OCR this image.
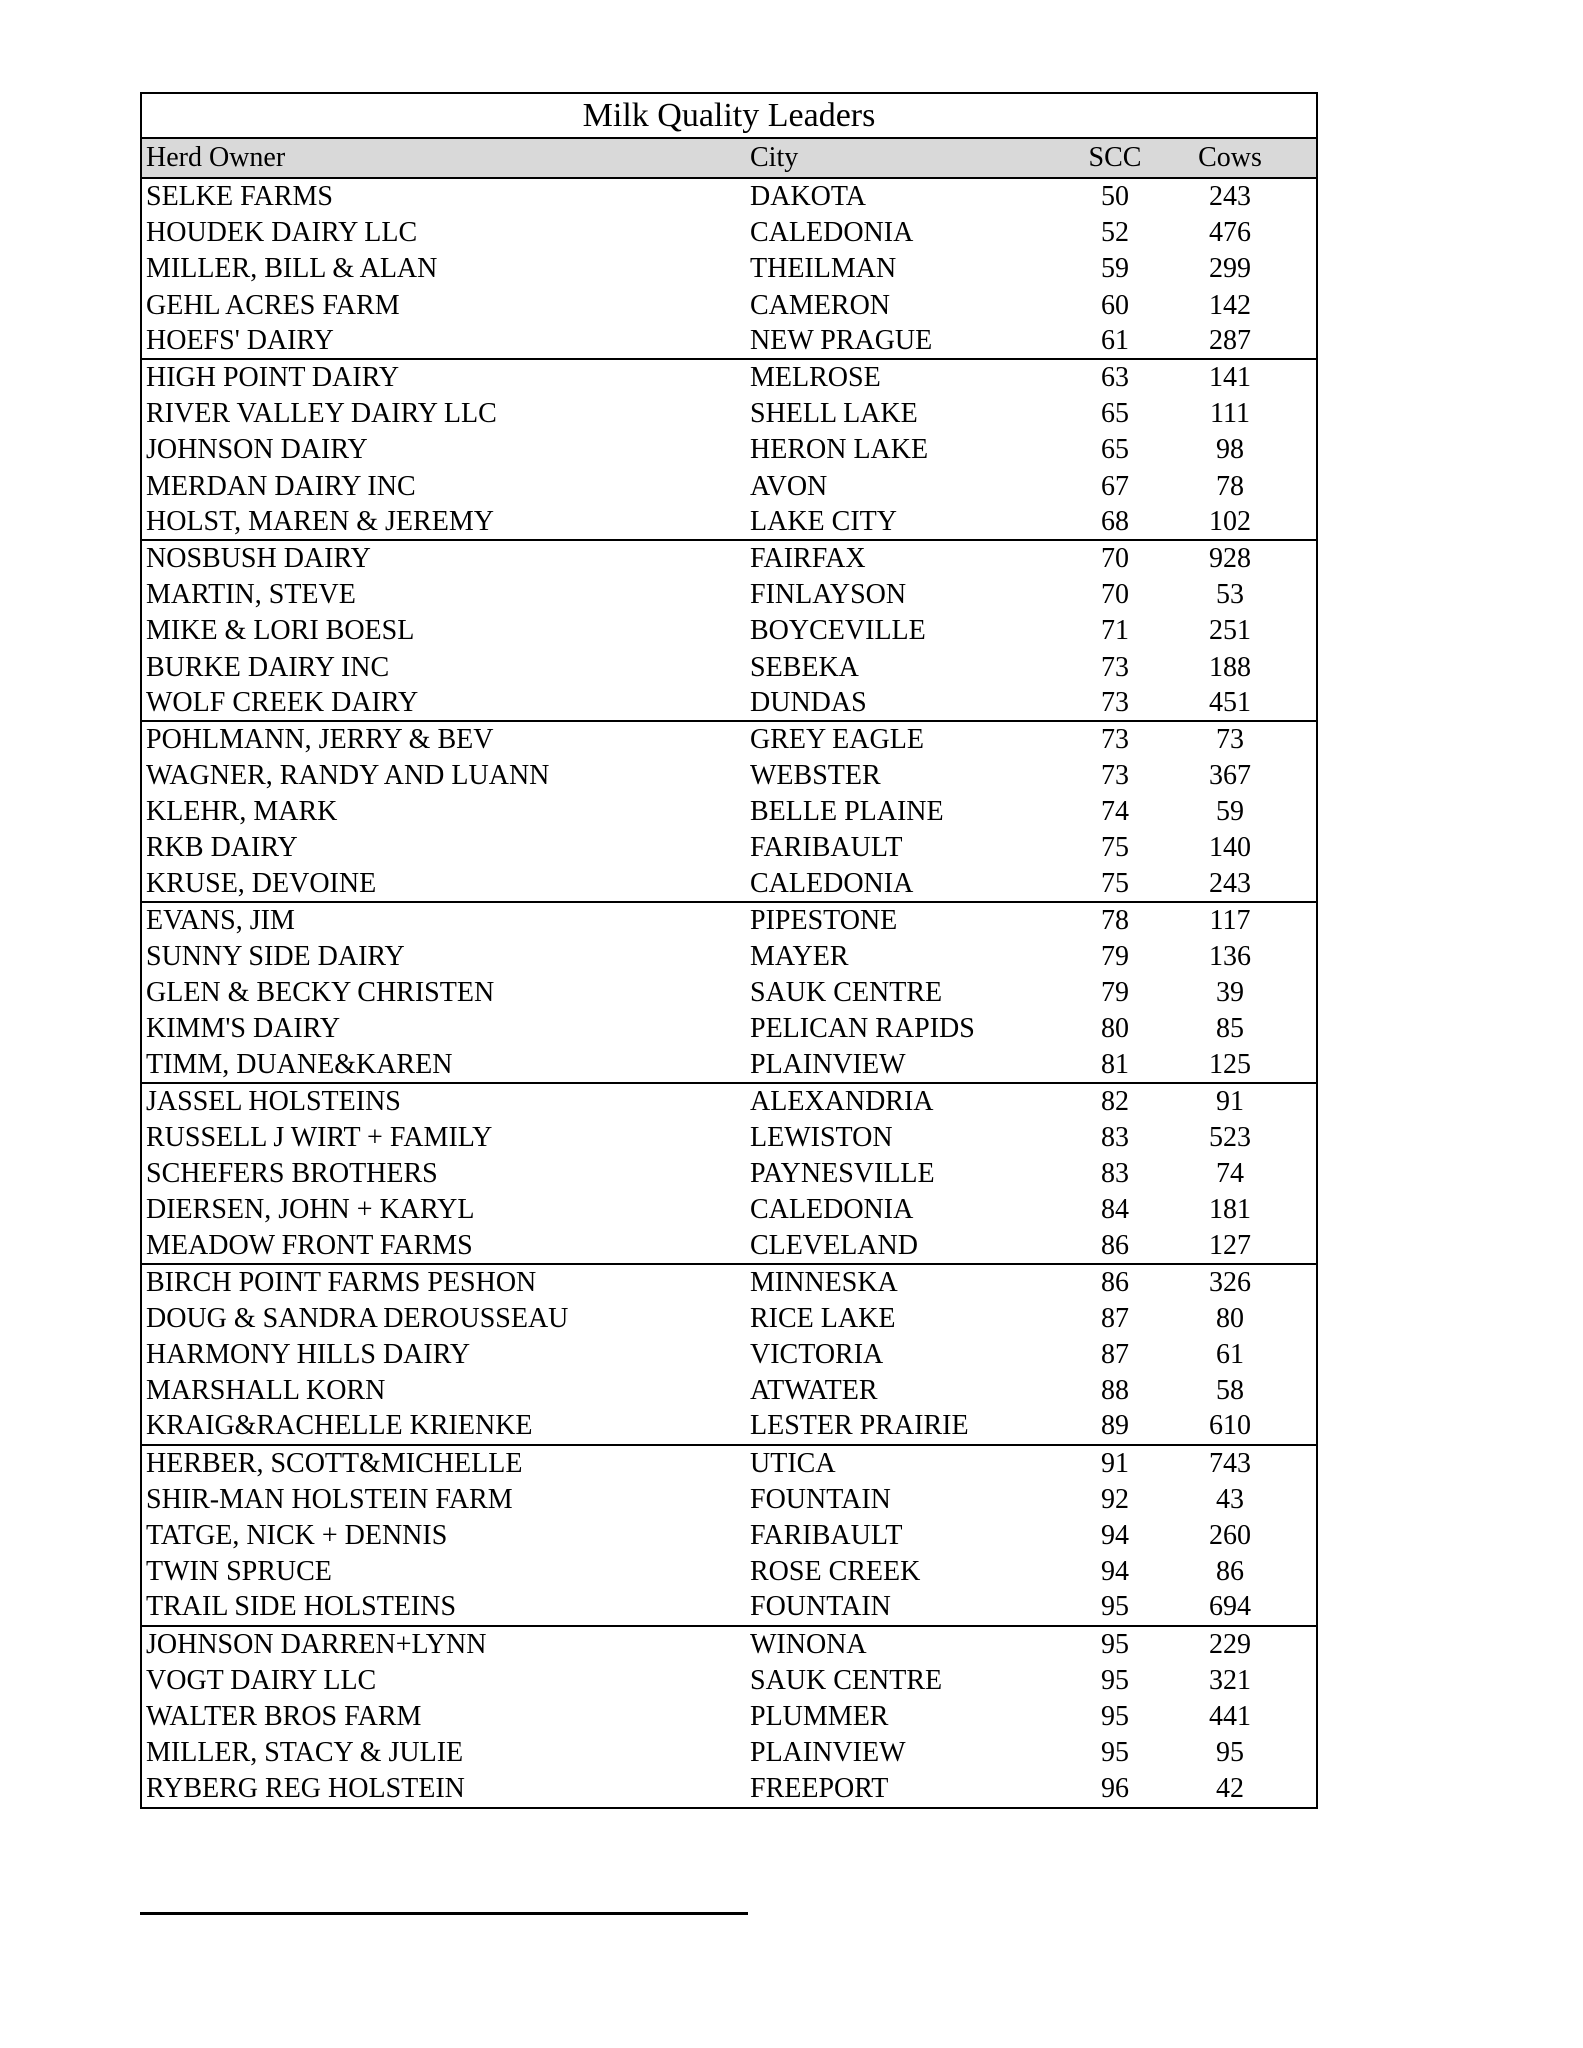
Milk Quality Leaders
Herd Owner	City	SCC	Cows
SELKE FARMS	DAKOTA	50	243
HOUDEK DAIRY LLC	CALEDONIA	52	476
MILLER, BILL & ALAN	THEILMAN	59	299
GEHL ACRES FARM	CAMERON	60	142
HOEFS' DAIRY	NEW PRAGUE	61	287
HIGH POINT DAIRY	MELROSE	63	141
RIVER VALLEY DAIRY LLC	SHELL LAKE	65	111
JOHNSON DAIRY	HERON LAKE	65	98
MERDAN DAIRY INC	AVON	67	78
HOLST, MAREN & JEREMY	LAKE CITY	68	102
NOSBUSH DAIRY	FAIRFAX	70	928
MARTIN, STEVE	FINLAYSON	70	53
MIKE & LORI BOESL	BOYCEVILLE	71	251
BURKE DAIRY INC	SEBEKA	73	188
WOLF CREEK DAIRY	DUNDAS	73	451
POHLMANN, JERRY & BEV	GREY EAGLE	73	73
WAGNER, RANDY AND LUANN	WEBSTER	73	367
KLEHR, MARK	BELLE PLAINE	74	59
RKB DAIRY	FARIBAULT	75	140
KRUSE, DEVOINE	CALEDONIA	75	243
EVANS, JIM	PIPESTONE	78	117
SUNNY SIDE DAIRY	MAYER	79	136
GLEN & BECKY CHRISTEN	SAUK CENTRE	79	39
KIMM'S DAIRY	PELICAN RAPIDS	80	85
TIMM, DUANE&KAREN	PLAINVIEW	81	125
JASSEL HOLSTEINS	ALEXANDRIA	82	91
RUSSELL J WIRT + FAMILY	LEWISTON	83	523
SCHEFERS BROTHERS	PAYNESVILLE	83	74
DIERSEN, JOHN + KARYL	CALEDONIA	84	181
MEADOW FRONT FARMS	CLEVELAND	86	127
BIRCH POINT FARMS PESHON	MINNESKA	86	326
DOUG & SANDRA DEROUSSEAU	RICE LAKE	87	80
HARMONY HILLS DAIRY	VICTORIA	87	61
MARSHALL KORN	ATWATER	88	58
KRAIG&RACHELLE KRIENKE	LESTER PRAIRIE	89	610
HERBER, SCOTT&MICHELLE	UTICA	91	743
SHIR-MAN HOLSTEIN FARM	FOUNTAIN	92	43
TATGE, NICK + DENNIS	FARIBAULT	94	260
TWIN SPRUCE	ROSE CREEK	94	86
TRAIL SIDE HOLSTEINS	FOUNTAIN	95	694
JOHNSON DARREN+LYNN	WINONA	95	229
VOGT DAIRY LLC	SAUK CENTRE	95	321
WALTER BROS FARM	PLUMMER	95	441
MILLER, STACY & JULIE	PLAINVIEW	95	95
RYBERG REG HOLSTEIN	FREEPORT	96	42
